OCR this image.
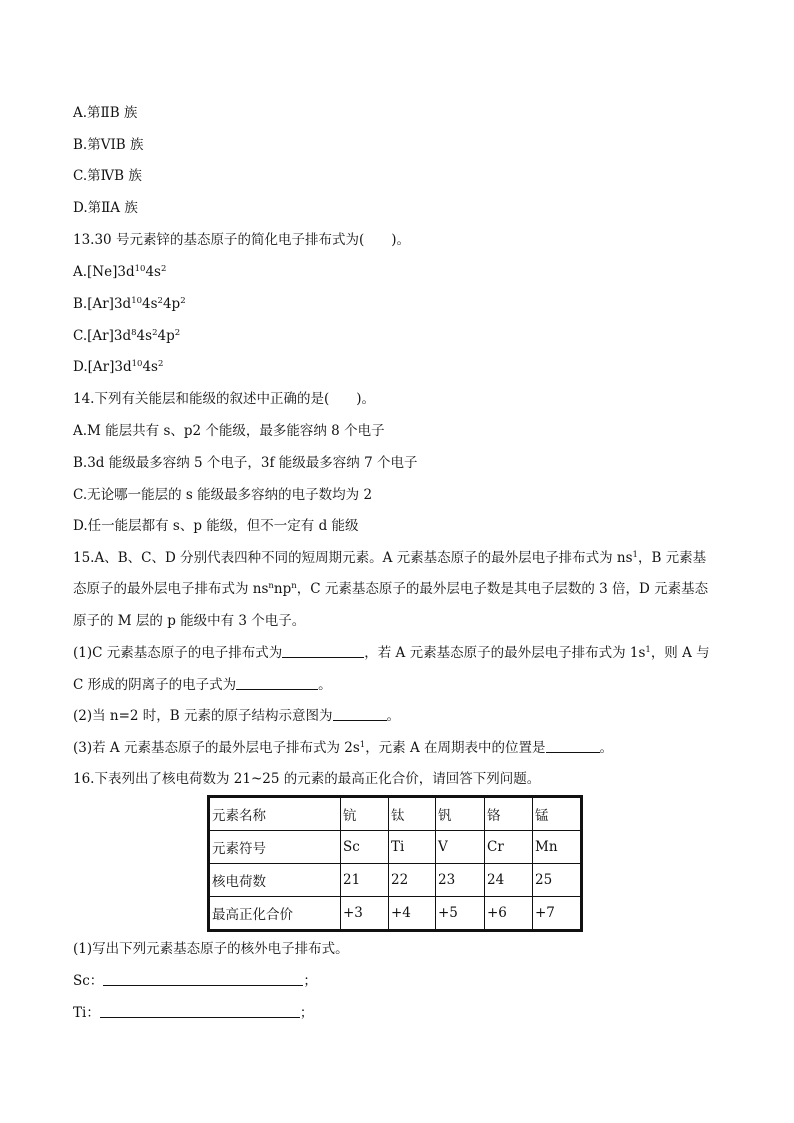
A.第ⅡB 族
B.第VIB 族
C.第ⅣB 族
D.第ⅡA 族
13.30 号元素锌的基态原子的简化电子排布式为(　　)。
$A.[Ne]3d^{10}4s^2$
$B.[Ar]3d^{10}4s^24p^2$
$C.[Ar]3d^84s^24p^2$
$D.[Ar]3d^{10}4s^2$
14.下列有关能层和能级的叙述中正确的是(　　)。
A.M 能层共有 s、p2 个能级，最多能容纳 8 个电子
B.3d 能级最多容纳 5 个电子，3f 能级最多容纳 7 个电子
C.无论哪一能层的 s 能级最多容纳的电子数均为 2
D.任一能层都有 s、p 能级，但不一定有 d 能级
15.A、B、C、D 分别代表四种不同的短周期元素。A 元素基态原子的最外层电子排布式为 $ns^1$，B 元素基
态原子的最外层电子排布式为 $ns^nnp^n$，C 元素基态原子的最外层电子数是其电子层数的 3 倍，D 元素基态
原子的 M 层的 p 能级中有 3 个电子。
(1)C 元素基态原子的电子排布式为	，若 A 元素基态原子的最外层电子排布式为 $1s^1$，则 A 与
C 形成的阴离子的电子式为	。
(2)当 n=2 时，B 元素的原子结构示意图为	。
(3)若 A 元素基态原子的最外层电子排布式为 $2s^1$，元素 A 在周期表中的位置是	。
16.下表列出了核电荷数为 21~25 的元素的最高正化合价，请回答下列问题。
元素名称	钪	钛	钒	铬	锰
元素符号	Sc	Ti	V	Cr	Mn
核电荷数	21	22	23	24	25
最高正化合价	+3	+4	+5	+6	+7
(1)写出下列元素基态原子的核外电子排布式。
Sc：	；
Ti：	；
